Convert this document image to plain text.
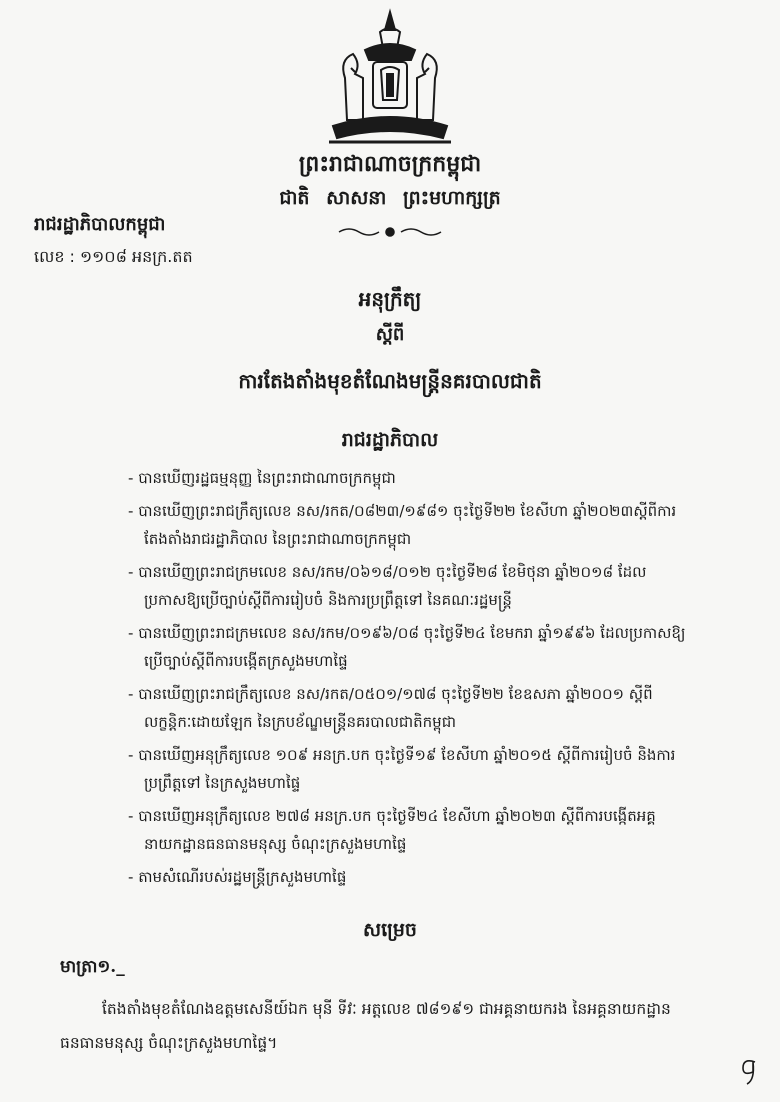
ព្រះរាជាណាចក្រកម្ពុជា
ជាតិ សាសនា ព្រះមហាក្សត្រ
រាជរដ្ឋាភិបាលកម្ពុជា
លេខ : ១១០៨ អនក្រ.តត
អនុក្រឹត្យ
ស្តីពី
ការតែងតាំងមុខតំណែងមន្ត្រីនគរបាលជាតិ
រាជរដ្ឋាភិបាល
- បានឃើញរដ្ឋធម្មនុញ្ញ នៃព្រះរាជាណាចក្រកម្ពុជា
- បានឃើញព្រះរាជក្រឹត្យលេខ នស/រកត/០៨២៣/១៩៨១ ចុះថ្ងៃទី២២ ខែសីហា ឆ្នាំ២០២៣ស្តីពីការតែងតាំងរាជរដ្ឋាភិបាល នៃព្រះរាជាណាចក្រកម្ពុជា
- បានឃើញព្រះរាជក្រមលេខ នស/រកម/០៦១៨/០១២ ចុះថ្ងៃទី២៨ ខែមិថុនា ឆ្នាំ២០១៨ ដែលប្រកាសឱ្យប្រើច្បាប់ស្តីពីការរៀបចំ និងការប្រព្រឹត្តទៅ នៃគណៈរដ្ឋមន្ត្រី
- បានឃើញព្រះរាជក្រមលេខ នស/រកម/០១៩៦/០៨ ចុះថ្ងៃទី២៤ ខែមករា ឆ្នាំ១៩៩៦ ដែលប្រកាសឱ្យប្រើច្បាប់ស្តីពីការបង្កើតក្រសួងមហាផ្ទៃ
- បានឃើញព្រះរាជក្រឹត្យលេខ នស/រកត/០៥០១/១៧៨ ចុះថ្ងៃទី២២ ខែឧសភា ឆ្នាំ២០០១ ស្តីពីលក្ខន្តិកៈដោយឡែក នៃក្របខ័ណ្ឌមន្ត្រីនគរបាលជាតិកម្ពុជា
- បានឃើញអនុក្រឹត្យលេខ ១០៩ អនក្រ.បក ចុះថ្ងៃទី១៩ ខែសីហា ឆ្នាំ២០១៥ ស្តីពីការរៀបចំ និងការប្រព្រឹត្តទៅ នៃក្រសួងមហាផ្ទៃ
- បានឃើញអនុក្រឹត្យលេខ ២៧៨ អនក្រ.បក ចុះថ្ងៃទី២៤ ខែសីហា ឆ្នាំ២០២៣ ស្តីពីការបង្កើតអគ្គនាយកដ្ឋានធនធានមនុស្ស ចំណុះក្រសួងមហាផ្ទៃ
- តាមសំណើរបស់រដ្ឋមន្ត្រីក្រសួងមហាផ្ទៃ
សម្រេច
មាត្រា១._
តែងតាំងមុខតំណែងឧត្តមសេនីយ៍ឯក មុនី ទីវៈ អត្តលេខ ៧៨១៩១ ជាអគ្គនាយករង នៃអគ្គនាយកដ្ឋានធនធានមនុស្ស ចំណុះក្រសួងមហាផ្ទៃ។
